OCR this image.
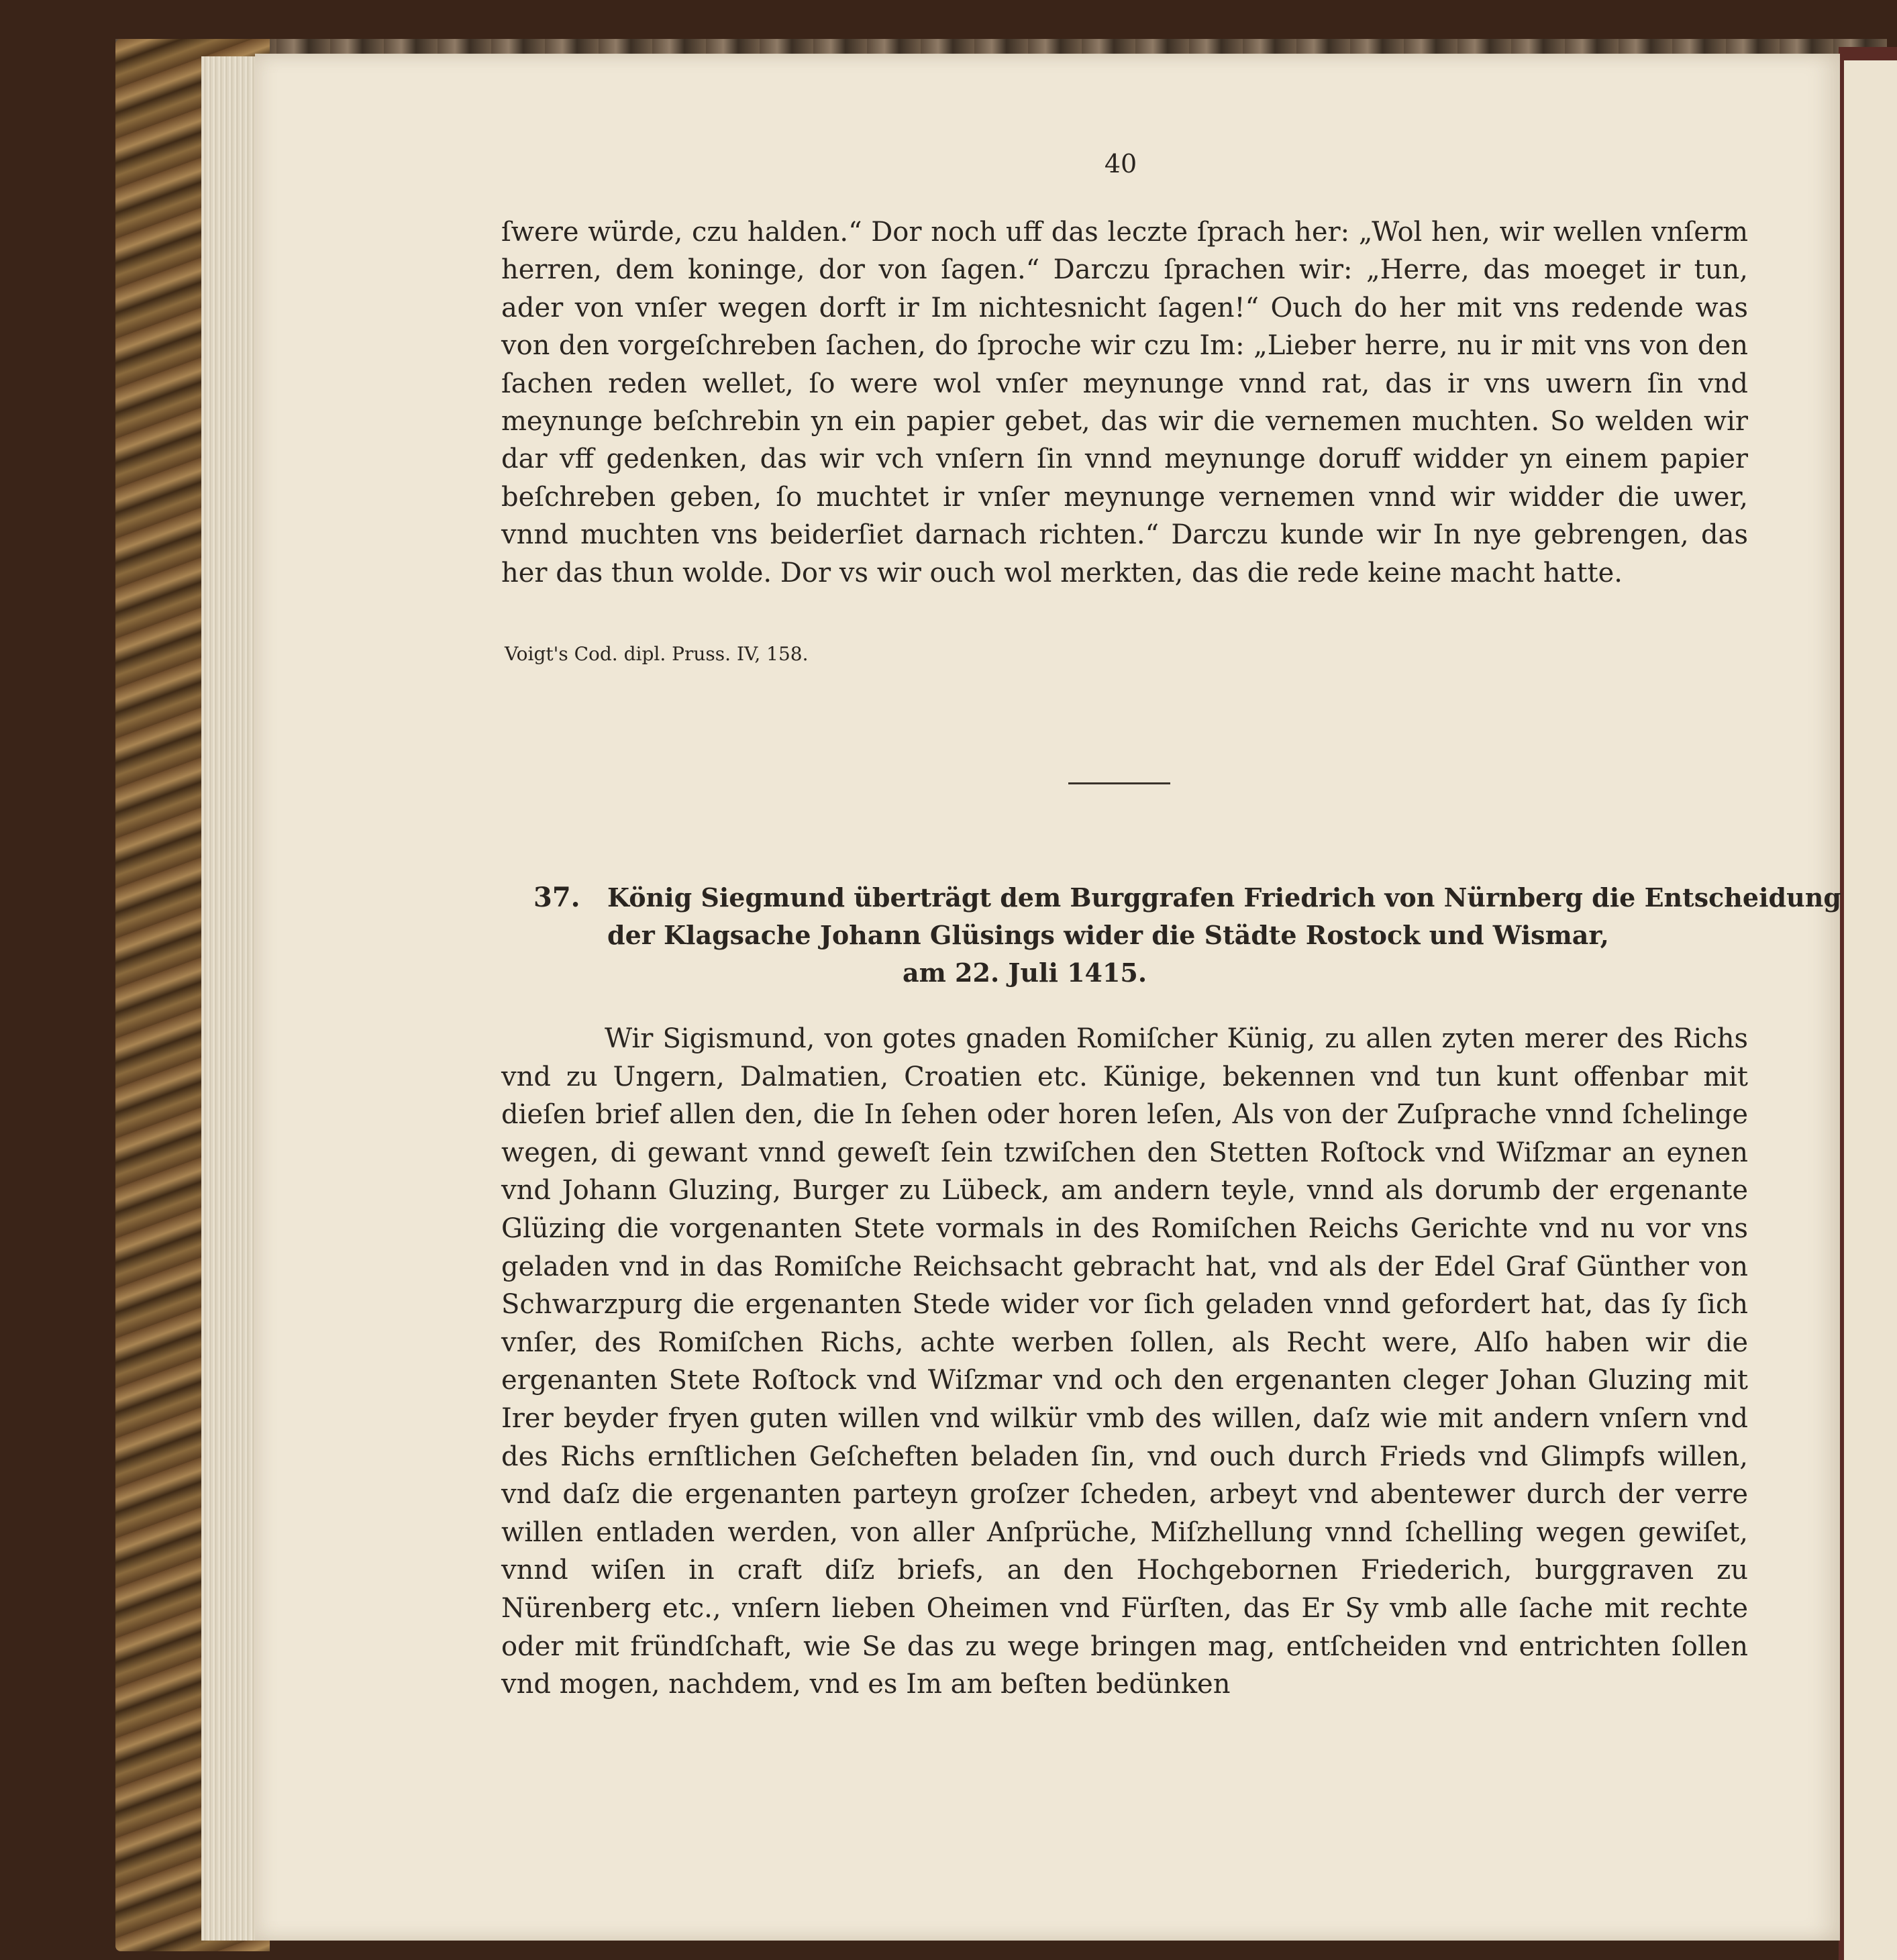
40
ſwere würde, czu halden.“ Dor noch uff das leczte ſprach her: „Wol hen, wir wellen vnſerm herren, dem koninge, dor von ſagen.“ Darczu ſprachen wir: „Herre, das moeget ir tun, ader von vnſer wegen dorft ir Im nichtesnicht ſagen!“ Ouch do her mit vns redende was von den vorgeſchreben ſachen, do ſproche wir czu Im: „Lieber herre, nu ir mit vns von den ſachen reden wellet, ſo were wol vnſer meynunge vnnd rat, das ir vns uwern ſin vnd meynunge beſchrebin yn ein papier gebet, das wir die vernemen muchten. So welden wir dar vff gedenken, das wir vch vnſern ſin vnnd meynunge doruff widder yn einem papier beſchreben geben, ſo muchtet ir vnſer meynunge vernemen vnnd wir widder die uwer, vnnd muchten vns beiderſiet darnach richten.“ Darczu kunde wir In nye gebrengen, das her das thun wolde. Dor vs wir ouch wol merkten, das die rede keine macht hatte.
Voigt's Cod. dipl. Pruss. IV, 158.
37. König Siegmund überträgt dem Burggrafen Friedrich von Nürnberg die Entscheidung
der Klagsache Johann Glüsings wider die Städte Rostock und Wismar,
am 22. Juli 1415.
Wir Sigismund, von gotes gnaden Romiſcher Künig, zu allen zyten merer des Richs vnd zu Ungern, Dalmatien, Croatien etc. Künige, bekennen vnd tun kunt offenbar mit dieſen brief allen den, die In ſehen oder horen leſen, Als von der Zuſprache vnnd ſchelinge wegen, di gewant vnnd geweſt ſein tzwiſchen den Stetten Roſtock vnd Wiſzmar an eynen vnd Johann Gluzing, Burger zu Lübeck, am andern teyle, vnnd als dorumb der ergenante Glüzing die vorgenanten Stete vormals in des Romiſchen Reichs Gerichte vnd nu vor vns geladen vnd in das Romiſche Reichsacht gebracht hat, vnd als der Edel Graf Günther von Schwarzpurg die ergenanten Stede wider vor ſich geladen vnnd gefordert hat, das ſy ſich vnſer, des Romiſchen Richs, achte werben ſollen, als Recht were, Alſo haben wir die ergenanten Stete Roſtock vnd Wiſzmar vnd och den ergenanten cleger Johan Gluzing mit Irer beyder fryen guten willen vnd wilkür vmb des willen, daſz wie mit andern vnſern vnd des Richs ernſtlichen Geſcheften beladen ſin, vnd ouch durch Frieds vnd Glimpfs willen, vnd daſz die ergenanten parteyn groſzer ſcheden, arbeyt vnd abentewer durch der verre willen entladen werden, von aller Anſprüche, Miſzhellung vnnd ſchelling wegen gewiſet, vnnd wiſen in craft diſz briefs, an den Hochgebornen Friederich, burggraven zu Nürenberg etc., vnſern lieben Oheimen vnd Fürſten, das Er Sy vmb alle ſache mit rechte oder mit fründſchaft, wie Se das zu wege bringen mag, entſcheiden vnd entrichten ſollen vnd mogen, nachdem, vnd es Im am beſten bedünken
